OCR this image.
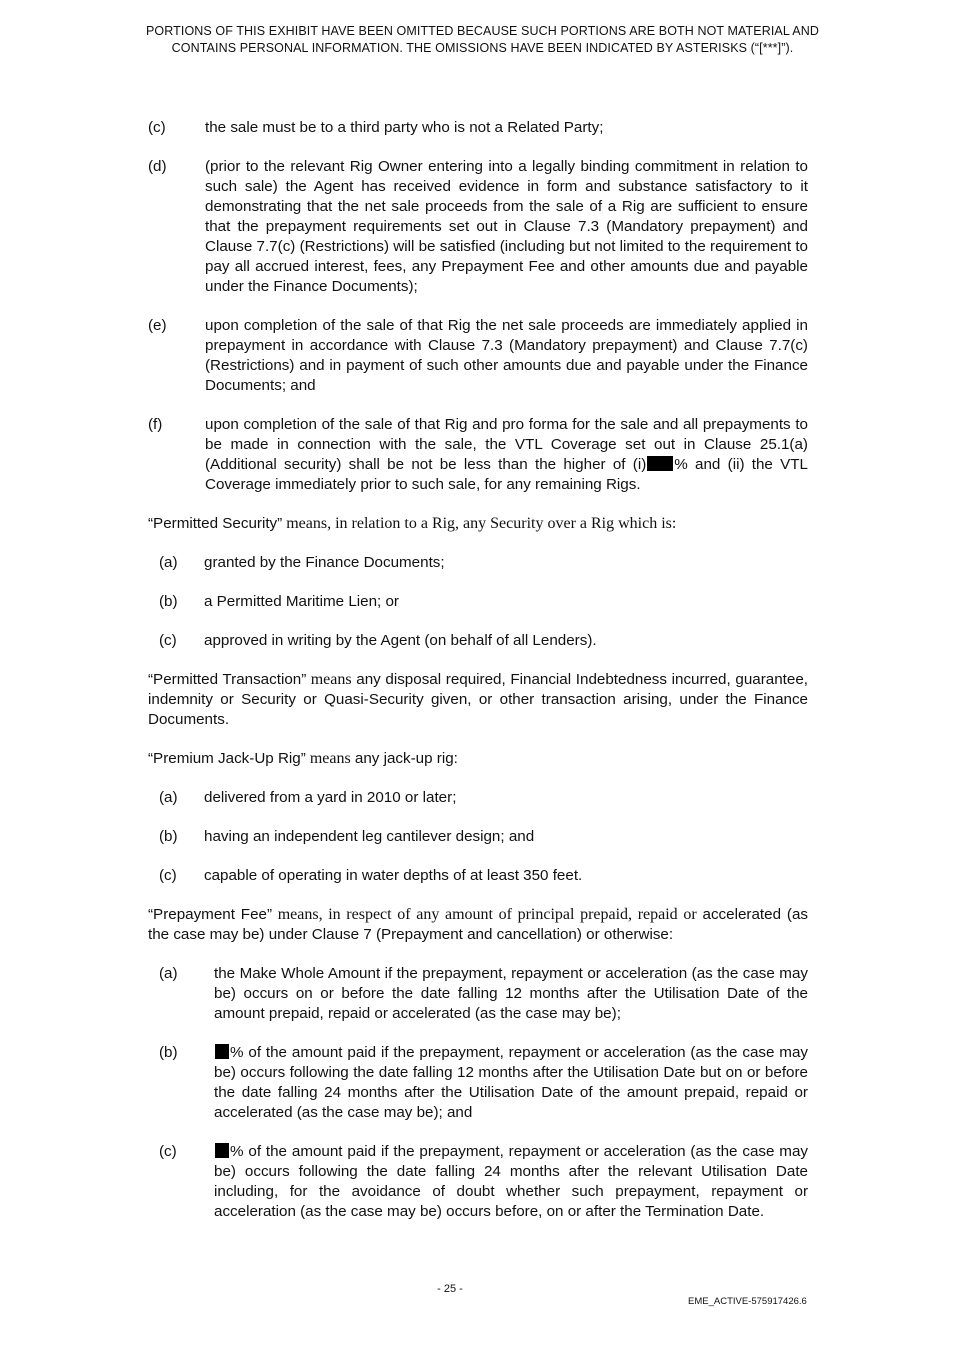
PORTIONS OF THIS EXHIBIT HAVE BEEN OMITTED BECAUSE SUCH PORTIONS ARE BOTH NOT MATERIAL AND
CONTAINS PERSONAL INFORMATION. THE OMISSIONS HAVE BEEN INDICATED BY ASTERISKS (“[***]”).
(c)	the sale must be to a third party who is not a Related Party;
(d)	(prior to the relevant Rig Owner entering into a legally binding commitment in relation to such sale) the Agent has received evidence in form and substance satisfactory to it demonstrating that the net sale proceeds from the sale of a Rig are sufficient to ensure that the prepayment requirements set out in Clause 7.3 (Mandatory prepayment) and Clause 7.7(c) (Restrictions) will be satisfied (including but not limited to the requirement to pay all accrued interest, fees, any Prepayment Fee and other amounts due and payable under the Finance Documents);
(e)	upon completion of the sale of that Rig the net sale proceeds are immediately applied in prepayment in accordance with Clause 7.3 (Mandatory prepayment) and Clause 7.7(c) (Restrictions) and in payment of such other amounts due and payable under the Finance Documents; and
(f)	upon completion of the sale of that Rig and pro forma for the sale and all prepayments to be made in connection with the sale, the VTL Coverage set out in Clause 25.1(a) (Additional security) shall be not be less than the higher of (i) % and (ii) the VTL Coverage immediately prior to such sale, for any remaining Rigs.
“Permitted Security” means, in relation to a Rig, any Security over a Rig which is:
(a)	granted by the Finance Documents;
(b)	a Permitted Maritime Lien; or
(c)	approved in writing by the Agent (on behalf of all Lenders).
“Permitted Transaction” means any disposal required, Financial Indebtedness incurred, guarantee, indemnity or Security or Quasi-Security given, or other transaction arising, under the Finance Documents.
“Premium Jack-Up Rig” means any jack-up rig:
(a)	delivered from a yard in 2010 or later;
(b)	having an independent leg cantilever design; and
(c)	capable of operating in water depths of at least 350 feet.
“Prepayment Fee” means, in respect of any amount of principal prepaid, repaid or accelerated (as the case may be) under Clause 7 (Prepayment and cancellation) or otherwise:
(a)	the Make Whole Amount if the prepayment, repayment or acceleration (as the case may be) occurs on or before the date falling 12 months after the Utilisation Date of the amount prepaid, repaid or accelerated (as the case may be);
(b)	% of the amount paid if the prepayment, repayment or acceleration (as the case may be) occurs following the date falling 12 months after the Utilisation Date but on or before the date falling 24 months after the Utilisation Date of the amount prepaid, repaid or accelerated (as the case may be); and
(c)	% of the amount paid if the prepayment, repayment or acceleration (as the case may be) occurs following the date falling 24 months after the relevant Utilisation Date including, for the avoidance of doubt whether such prepayment, repayment or acceleration (as the case may be) occurs before, on or after the Termination Date.
- 25 -
EME_ACTIVE-575917426.6
